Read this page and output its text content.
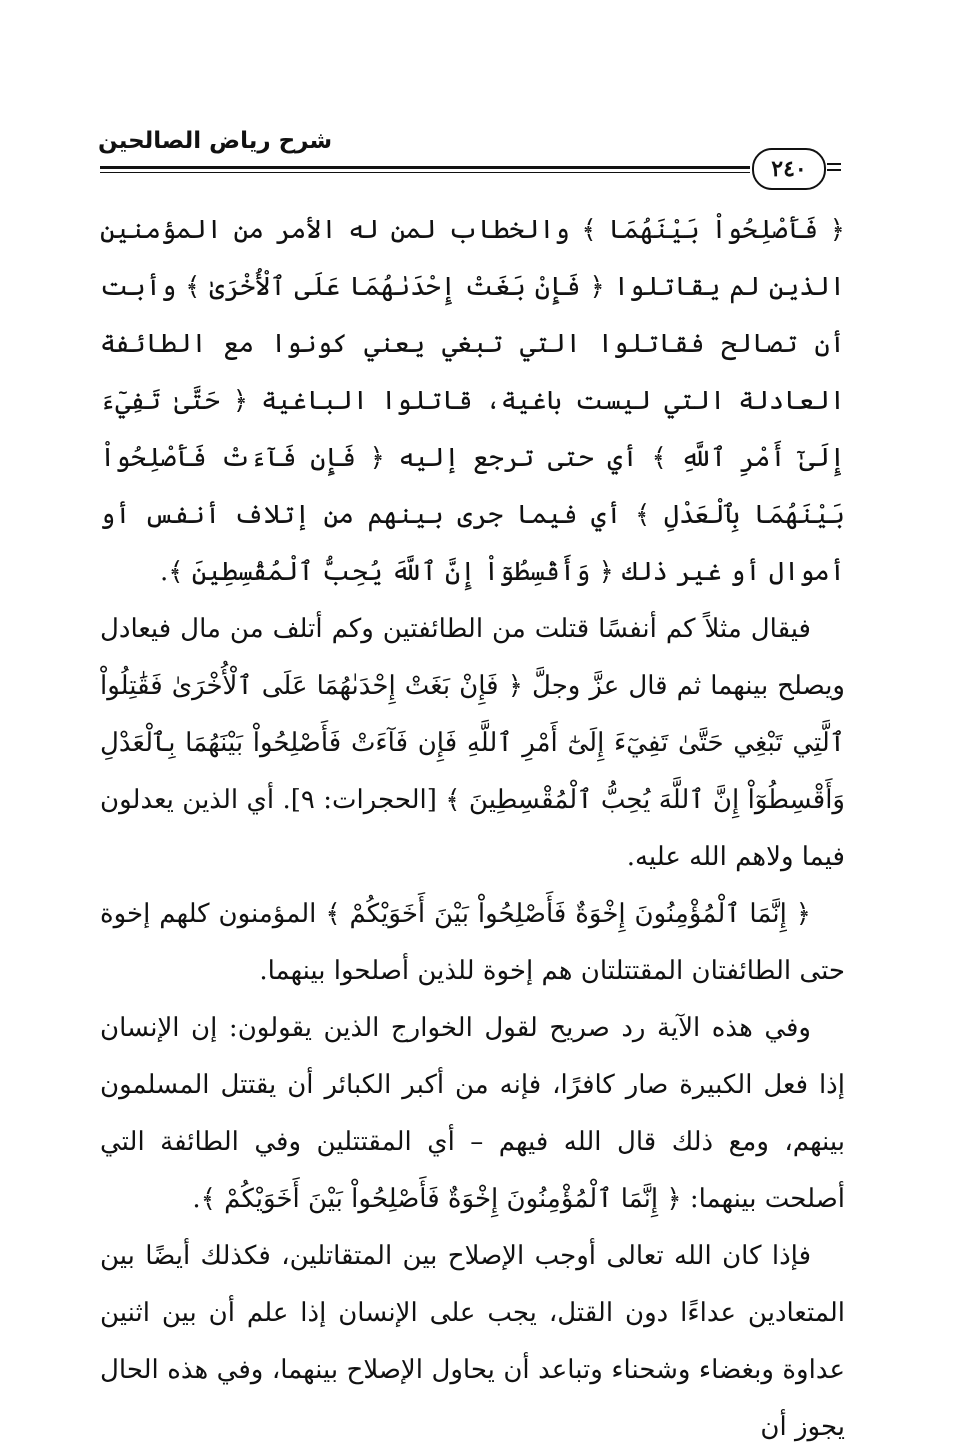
شرح رياض الصالحين
٢٤٠

﴿ فَأَصْلِحُواْ بَيْنَهُمَا ﴾ والخطاب لمن له الأمر من المؤمنين الذين لم يقاتلوا ﴿ فَإِنْ بَغَتْ إِحْدَىٰهُمَا عَلَى ٱلْأُخْرَىٰ ﴾ وأبت أن تصالح فقاتلوا التي تبغي يعني كونوا مع الطائفة العادلة التي ليست باغية، قاتلوا الباغية ﴿ حَتَّىٰ تَفِيٓءَ إِلَىٰٓ أَمْرِ ٱللَّهِ ﴾ أي حتى ترجع إليه ﴿ فَإِن فَآءَتْ فَأَصْلِحُواْ بَيْنَهُمَا بِٱلْعَدْلِ ﴾ أي فيما جرى بينهم من إتلاف أنفس أو أموال أو غير ذلك ﴿ وَأَقْسِطُوٓاْ إِنَّ ٱللَّهَ يُحِبُّ ٱلْمُقْسِطِينَ ﴾.

فيقال مثلاً كم أنفسًا قتلت من الطائفتين وكم أتلف من مال فيعادل ويصلح بينهما ثم قال عزَّ وجلَّ ﴿ فَإِنْ بَغَتْ إِحْدَىٰهُمَا عَلَى ٱلْأُخْرَىٰ فَقَٰتِلُواْ ٱلَّتِي تَبْغِي حَتَّىٰ تَفِيٓءَ إِلَىٰٓ أَمْرِ ٱللَّهِ فَإِن فَآءَتْ فَأَصْلِحُواْ بَيْنَهُمَا بِٱلْعَدْلِ وَأَقْسِطُوٓاْ إِنَّ ٱللَّهَ يُحِبُّ ٱلْمُقْسِطِينَ ﴾ [الحجرات: ٩]. أي الذين يعدلون فيما ولاهم الله عليه.

﴿ إِنَّمَا ٱلْمُؤْمِنُونَ إِخْوَةٌ فَأَصْلِحُواْ بَيْنَ أَخَوَيْكُمْ ﴾ المؤمنون كلهم إخوة حتى الطائفتان المقتتلتان هم إخوة للذين أصلحوا بينهما.

وفي هذه الآية رد صريح لقول الخوارج الذين يقولون: إن الإنسان إذا فعل الكبيرة صار كافرًا، فإنه من أكبر الكبائر أن يقتتل المسلمون بينهم، ومع ذلك قال الله فيهم – أي المقتتلين وفي الطائفة التي أصلحت بينهما: ﴿ إِنَّمَا ٱلْمُؤْمِنُونَ إِخْوَةٌ فَأَصْلِحُواْ بَيْنَ أَخَوَيْكُمْ ﴾.

فإذا كان الله تعالى أوجب الإصلاح بين المتقاتلين، فكذلك أيضًا بين المتعادين عداءًا دون القتل، يجب على الإنسان إذا علم أن بين اثنين عداوة وبغضاء وشحناء وتباعد أن يحاول الإصلاح بينهما، وفي هذه الحال يجوز أن
